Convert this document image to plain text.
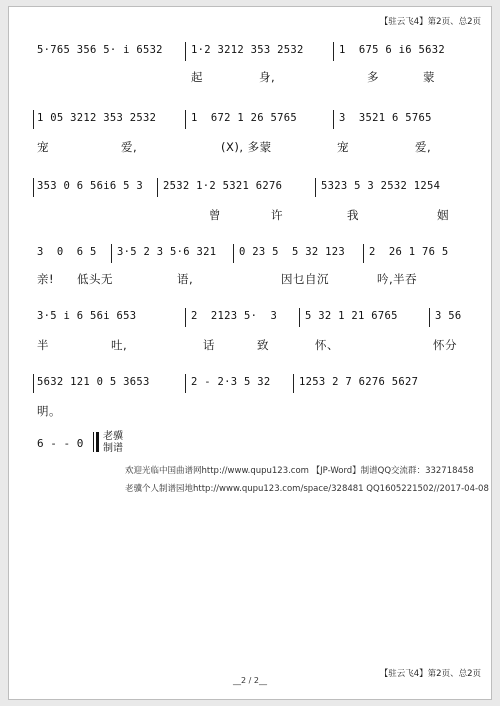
【驻云飞4】第2页、总2页
5·765 356 5· i 6532	1·2 3212 353 2532	1  675 6 i6 5632
起	身,	多	蒙
1 05 3212 353 2532	1  672 1 26 5765	3  3521 6 5765
宠	爱,	(X), 多蒙	宠	爱,
353 0 6 56i6 5 3 2532 1·2 5321 6276	5323 5 3 2532 1254
曾	许	我	姻
3  0  6 5 3·5 2 3 5·6 321 0 23 5  5 32 123 2  26 1 76 5
亲! 低头无	语,	因乜自沉	吟,半吞
3·5 i 6 56i 653	2  2123 5·  3	5 32 1 21 6765	3 56
半	吐,	话	致	怀、	怀分
5632 121 0 5 3653	2 - 2·3 5 32	1253 2 7 6276 5627
明。
6 - - 0
老骥
制谱
欢迎光临中国曲谱网http://www.qupu123.com 【JP-Word】制谱QQ交流群：332718458
老骥个人制谱园地http://www.qupu123.com/space/328481 QQ1605221502//2017-04-08
【驻云飞4】第2页、总2页
__2 / 2__
